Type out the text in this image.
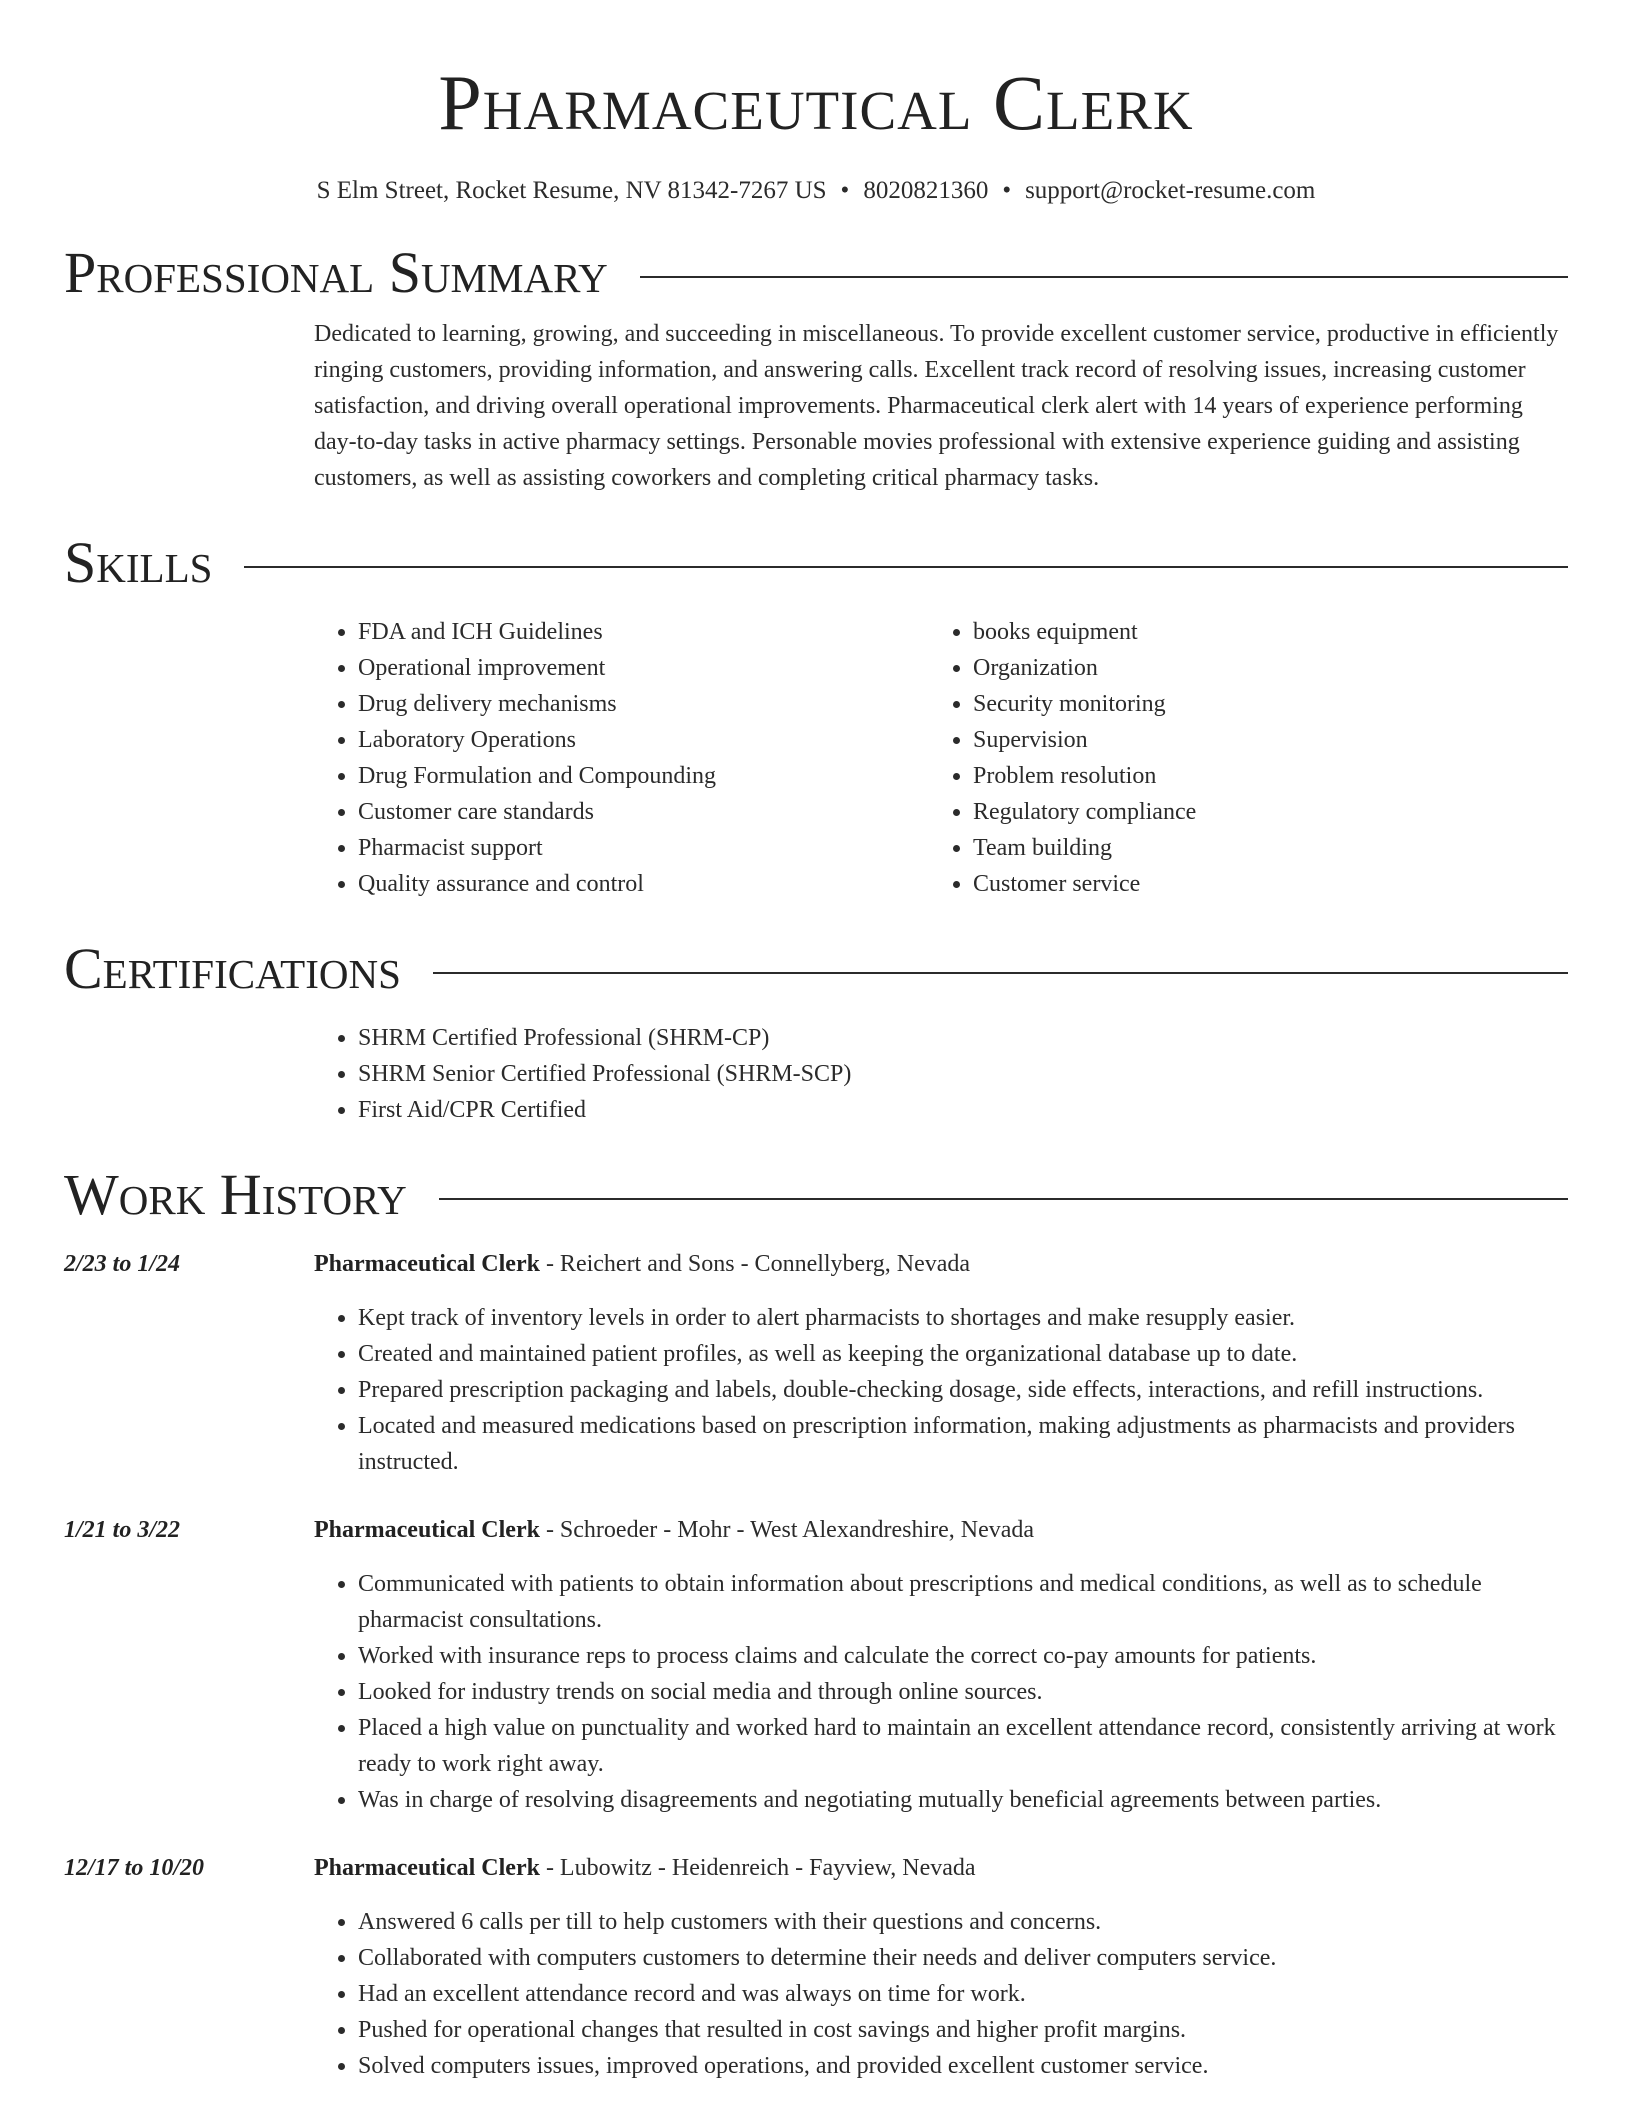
Pharmaceutical Clerk
S Elm Street, Rocket Resume, NV 81342-7267 US • 8020821360 • support@rocket-resume.com
Professional Summary
Dedicated to learning, growing, and succeeding in miscellaneous. To provide excellent customer service, productive in efficiently ringing customers, providing information, and answering calls. Excellent track record of resolving issues, increasing customer satisfaction, and driving overall operational improvements. Pharmaceutical clerk alert with 14 years of experience performing day-to-day tasks in active pharmacy settings. Personable movies professional with extensive experience guiding and assisting customers, as well as assisting coworkers and completing critical pharmacy tasks.
Skills
• FDA and ICH Guidelines
• Operational improvement
• Drug delivery mechanisms
• Laboratory Operations
• Drug Formulation and Compounding
• Customer care standards
• Pharmacist support
• Quality assurance and control
• books equipment
• Organization
• Security monitoring
• Supervision
• Problem resolution
• Regulatory compliance
• Team building
• Customer service
Certifications
• SHRM Certified Professional (SHRM-CP)
• SHRM Senior Certified Professional (SHRM-SCP)
• First Aid/CPR Certified
Work History
2/23 to 1/24	Pharmaceutical Clerk - Reichert and Sons - Connellyberg, Nevada
• Kept track of inventory levels in order to alert pharmacists to shortages and make resupply easier.
• Created and maintained patient profiles, as well as keeping the organizational database up to date.
• Prepared prescription packaging and labels, double-checking dosage, side effects, interactions, and refill instructions.
• Located and measured medications based on prescription information, making adjustments as pharmacists and providers instructed.
1/21 to 3/22	Pharmaceutical Clerk - Schroeder - Mohr - West Alexandreshire, Nevada
• Communicated with patients to obtain information about prescriptions and medical conditions, as well as to schedule pharmacist consultations.
• Worked with insurance reps to process claims and calculate the correct co-pay amounts for patients.
• Looked for industry trends on social media and through online sources.
• Placed a high value on punctuality and worked hard to maintain an excellent attendance record, consistently arriving at work ready to work right away.
• Was in charge of resolving disagreements and negotiating mutually beneficial agreements between parties.
12/17 to 10/20	Pharmaceutical Clerk - Lubowitz - Heidenreich - Fayview, Nevada
• Answered 6 calls per till to help customers with their questions and concerns.
• Collaborated with computers customers to determine their needs and deliver computers service.
• Had an excellent attendance record and was always on time for work.
• Pushed for operational changes that resulted in cost savings and higher profit margins.
• Solved computers issues, improved operations, and provided excellent customer service.
